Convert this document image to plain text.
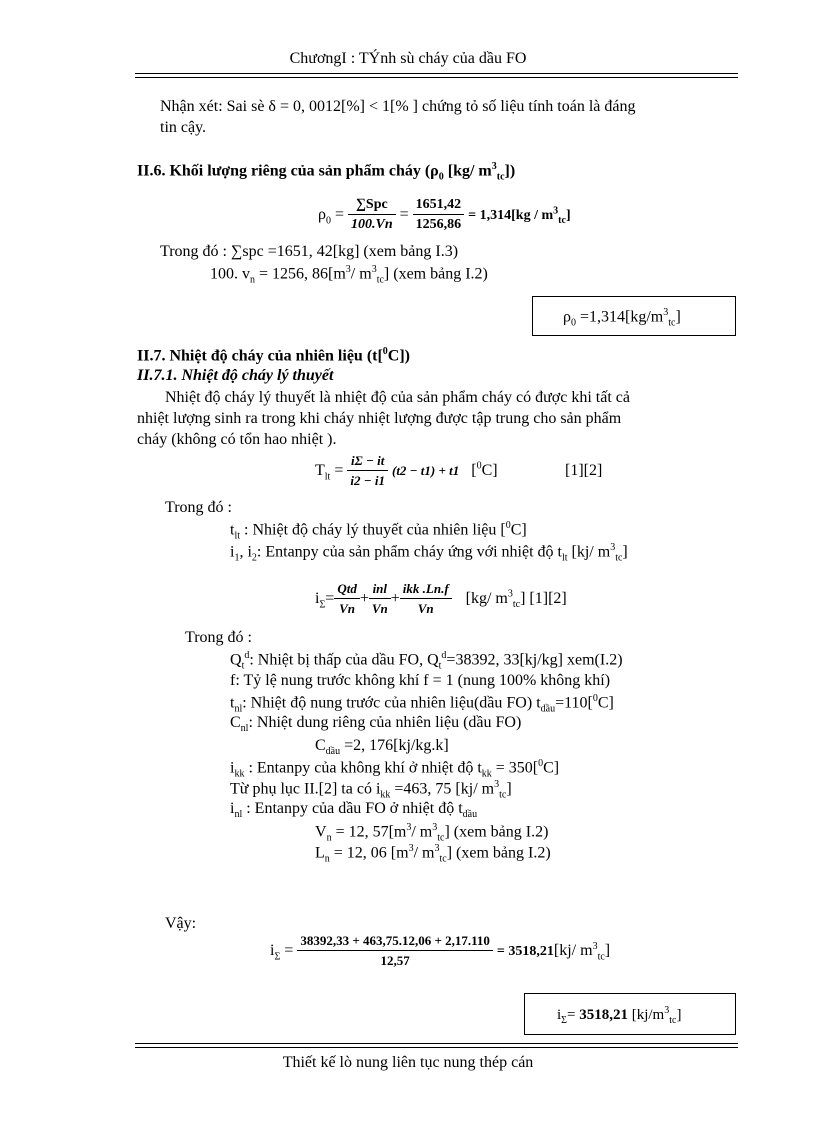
ChươngI : TÝnh sù cháy của dầu FO
Nhận xét: Sai sè δ = 0, 0012[%] < 1[% ] chứng tỏ số liệu tính toán là đáng
tin cậy.
II.6. Khối lượng riêng của sản phẩm cháy ($\rho_0$ [kg/ $m^3_{tc}$])
$\rho_0 = \frac{\text{∑Spc}}{100.Vn} = \frac{1651,42}{1256,86} = 1,314[kg / m^3_{tc}]$
Trong đó : ∑spc =1651, 42[kg] (xem bảng I.3)
100. $v_n = 1256$, $86[m^3/$ $m^3_{tc}$] (xem bảng I.2)
$\rho_0 =1,314[kg/m^3_{tc}]$
II.7. Nhiệt độ cháy của nhiên liệu (t[$^0$C])
II.7.1. Nhiệt độ cháy lý thuyết
Nhiệt độ cháy lý thuyết là nhiệt độ của sản phẩm cháy có được khi tất cả
nhiệt lượng sinh ra trong khi cháy nhiệt lượng được tập trung cho sản phẩm
cháy (không có tổn hao nhiệt ).
$T_{lt} = \frac{i\Sigma - it}{i2 - i1} (t2 - t1) + t1$ [$^0$C]	[1][2]
Trong đó :
$t_{lt}$ : Nhiệt độ cháy lý thuyết của nhiên liệu [$^0$C]
$i_1$, $i_2$: Entanpy của sản phẩm cháy ứng với nhiệt độ $t_{lt}$ [kj/ $m^3_{tc}$]
$i_\Sigma= \frac{\text{Qtd}}{Vn} + \frac{\text{inl}}{Vn} + \frac{\text{ikk .Ln.f}}{Vn} [kg/$ $m^3_{tc}$] [1][2]
Trong đó :
$Q_t^d$: Nhiệt bị thấp của dầu FO, $Q_t^d=38392$, 33[kj/kg] xem(I.2)
f: Tỷ lệ nung trước không khí f = 1 (nung 100% không khí)
$t_{nl}$: Nhiệt độ nung trước của nhiên liệu(dầu FO) $t_{dầu}=110[^0C]$
$C_{nl}$: Nhiệt dung riêng của nhiên liệu (dầu FO)
$C_{dầu} =2$, 176[kj/kg.k]
$i_{kk}$ : Entanpy của không khí ở nhiệt độ $t_{kk} = 350[^0C]$
Từ phụ lục II.[2] ta có $i_{kk} =463$, 75 [kj/ $m^3_{tc}$]
$i_{nl}$ : Entanpy của dầu FO ở nhiệt độ $t_{dầu}$
$V_n = 12$, $57[m^3/$ $m^3_{tc}$] (xem bảng I.2)
$L_n = 12$, 06 [$m^3/$ $m^3_{tc}$] (xem bảng I.2)
Vậy:
$i_\Sigma = \frac{38392,33 + 463,75.12,06 + 2,17.110}{12,57} = 3518,21[kj/$ $m^3_{tc}$]
$i_\Sigma= 3518,21$ $[kj/m^3_{tc}]$
Thiết kế lò nung liên tục nung thép cán
